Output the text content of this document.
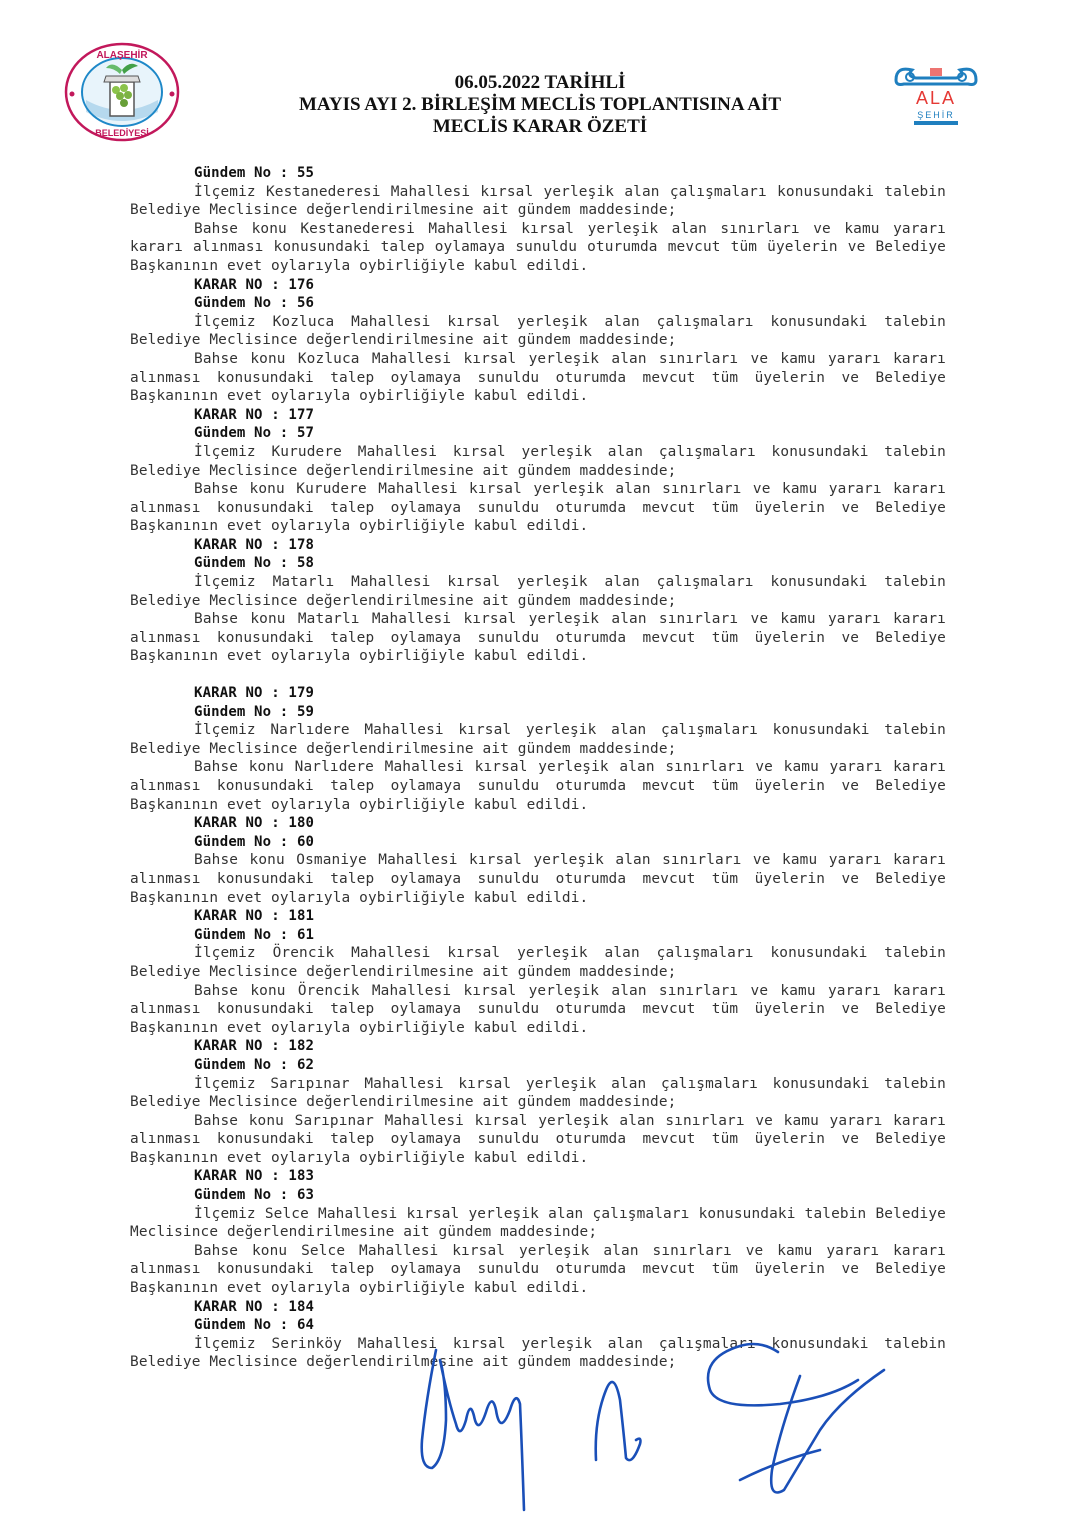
ALAŞEHİR
BELEDİYESİ
06.05.2022 TARİHLİ
MAYIS AYI 2. BİRLEŞİM MECLİS TOPLANTISINA AİT
MECLİS KARAR ÖZETİ
ALA
ŞEHİR
Gündem No : 55
İlçemiz Kestanederesi Mahallesi kırsal yerleşik alan çalışmaları konusundaki talebin Belediye Meclisince değerlendirilmesine ait gündem maddesinde;
Bahse konu Kestanederesi Mahallesi kırsal yerleşik alan sınırları ve kamu yararı kararı alınması konusundaki talep oylamaya sunuldu oturumda mevcut tüm üyelerin ve Belediye Başkanının evet oylarıyla oybirliğiyle kabul edildi.
KARAR NO : 176
Gündem No : 56
İlçemiz Kozluca Mahallesi kırsal yerleşik alan çalışmaları konusundaki talebin Belediye Meclisince değerlendirilmesine ait gündem maddesinde;
Bahse konu Kozluca Mahallesi kırsal yerleşik alan sınırları ve kamu yararı kararı alınması konusundaki talep oylamaya sunuldu oturumda mevcut tüm üyelerin ve Belediye Başkanının evet oylarıyla oybirliğiyle kabul edildi.
KARAR NO : 177
Gündem No : 57
İlçemiz Kurudere Mahallesi kırsal yerleşik alan çalışmaları konusundaki talebin Belediye Meclisince değerlendirilmesine ait gündem maddesinde;
Bahse konu Kurudere Mahallesi kırsal yerleşik alan sınırları ve kamu yararı kararı alınması konusundaki talep oylamaya sunuldu oturumda mevcut tüm üyelerin ve Belediye Başkanının evet oylarıyla oybirliğiyle kabul edildi.
KARAR NO : 178
Gündem No : 58
İlçemiz Matarlı Mahallesi kırsal yerleşik alan çalışmaları konusundaki talebin Belediye Meclisince değerlendirilmesine ait gündem maddesinde;
Bahse konu Matarlı Mahallesi kırsal yerleşik alan sınırları ve kamu yararı kararı alınması konusundaki talep oylamaya sunuldu oturumda mevcut tüm üyelerin ve Belediye Başkanının evet oylarıyla oybirliğiyle kabul edildi.
KARAR NO : 179
Gündem No : 59
İlçemiz Narlıdere Mahallesi kırsal yerleşik alan çalışmaları konusundaki talebin Belediye Meclisince değerlendirilmesine ait gündem maddesinde;
Bahse konu Narlıdere Mahallesi kırsal yerleşik alan sınırları ve kamu yararı kararı alınması konusundaki talep oylamaya sunuldu oturumda mevcut tüm üyelerin ve Belediye Başkanının evet oylarıyla oybirliğiyle kabul edildi.
KARAR NO : 180
Gündem No : 60
Bahse konu Osmaniye Mahallesi kırsal yerleşik alan sınırları ve kamu yararı kararı alınması konusundaki talep oylamaya sunuldu oturumda mevcut tüm üyelerin ve Belediye Başkanının evet oylarıyla oybirliğiyle kabul edildi.
KARAR NO : 181
Gündem No : 61
İlçemiz Örencik Mahallesi kırsal yerleşik alan çalışmaları konusundaki talebin Belediye Meclisince değerlendirilmesine ait gündem maddesinde;
Bahse konu Örencik Mahallesi kırsal yerleşik alan sınırları ve kamu yararı kararı alınması konusundaki talep oylamaya sunuldu oturumda mevcut tüm üyelerin ve Belediye Başkanının evet oylarıyla oybirliğiyle kabul edildi.
KARAR NO : 182
Gündem No : 62
İlçemiz Sarıpınar Mahallesi kırsal yerleşik alan çalışmaları konusundaki talebin Belediye Meclisince değerlendirilmesine ait gündem maddesinde;
Bahse konu Sarıpınar Mahallesi kırsal yerleşik alan sınırları ve kamu yararı kararı alınması konusundaki talep oylamaya sunuldu oturumda mevcut tüm üyelerin ve Belediye Başkanının evet oylarıyla oybirliğiyle kabul edildi.
KARAR NO : 183
Gündem No : 63
İlçemiz Selce Mahallesi kırsal yerleşik alan çalışmaları konusundaki talebin Belediye Meclisince değerlendirilmesine ait gündem maddesinde;
Bahse konu Selce Mahallesi kırsal yerleşik alan sınırları ve kamu yararı kararı alınması konusundaki talep oylamaya sunuldu oturumda mevcut tüm üyelerin ve Belediye Başkanının evet oylarıyla oybirliğiyle kabul edildi.
KARAR NO : 184
Gündem No : 64
İlçemiz Serinköy Mahallesi kırsal yerleşik alan çalışmaları konusundaki talebin Belediye Meclisince değerlendirilmesine ait gündem maddesinde;
